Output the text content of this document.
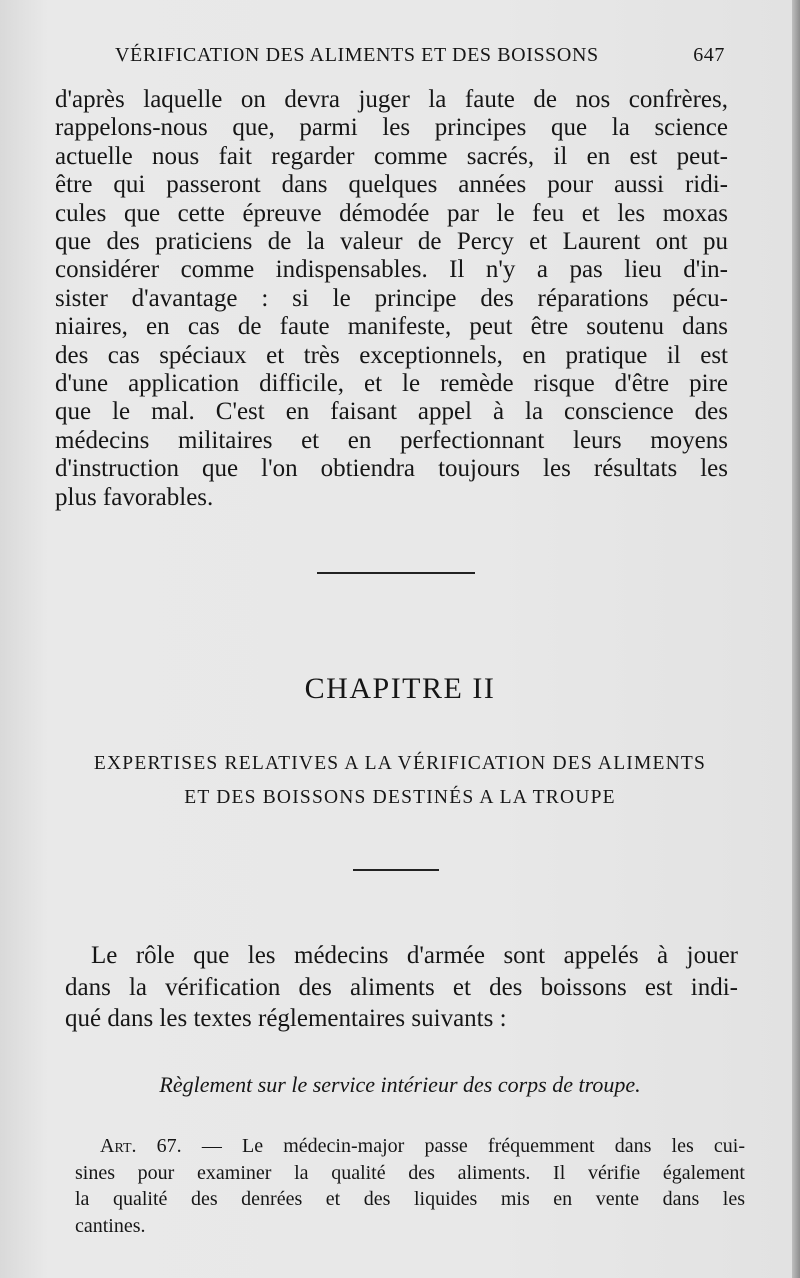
VÉRIFICATION DES ALIMENTS ET DES BOISSONS	647
d'après laquelle on devra juger la faute de nos confrères,
rappelons-nous que, parmi les principes que la science
actuelle nous fait regarder comme sacrés, il en est peut-
être qui passeront dans quelques années pour aussi ridi-
cules que cette épreuve démodée par le feu et les moxas
que des praticiens de la valeur de Percy et Laurent ont pu
considérer comme indispensables. Il n'y a pas lieu d'in-
sister d'avantage : si le principe des réparations pécu-
niaires, en cas de faute manifeste, peut être soutenu dans
des cas spéciaux et très exceptionnels, en pratique il est
d'une application difficile, et le remède risque d'être pire
que le mal. C'est en faisant appel à la conscience des
médecins militaires et en perfectionnant leurs moyens
d'instruction que l'on obtiendra toujours les résultats les
plus favorables.
CHAPITRE II
EXPERTISES RELATIVES A LA VÉRIFICATION DES ALIMENTS
ET DES BOISSONS DESTINÉS A LA TROUPE
Le rôle que les médecins d'armée sont appelés à jouer
dans la vérification des aliments et des boissons est indi-
qué dans les textes réglementaires suivants :
Règlement sur le service intérieur des corps de troupe.
Art. 67. — Le médecin-major passe fréquemment dans les cui-
sines pour examiner la qualité des aliments. Il vérifie également
la qualité des denrées et des liquides mis en vente dans les
cantines.
